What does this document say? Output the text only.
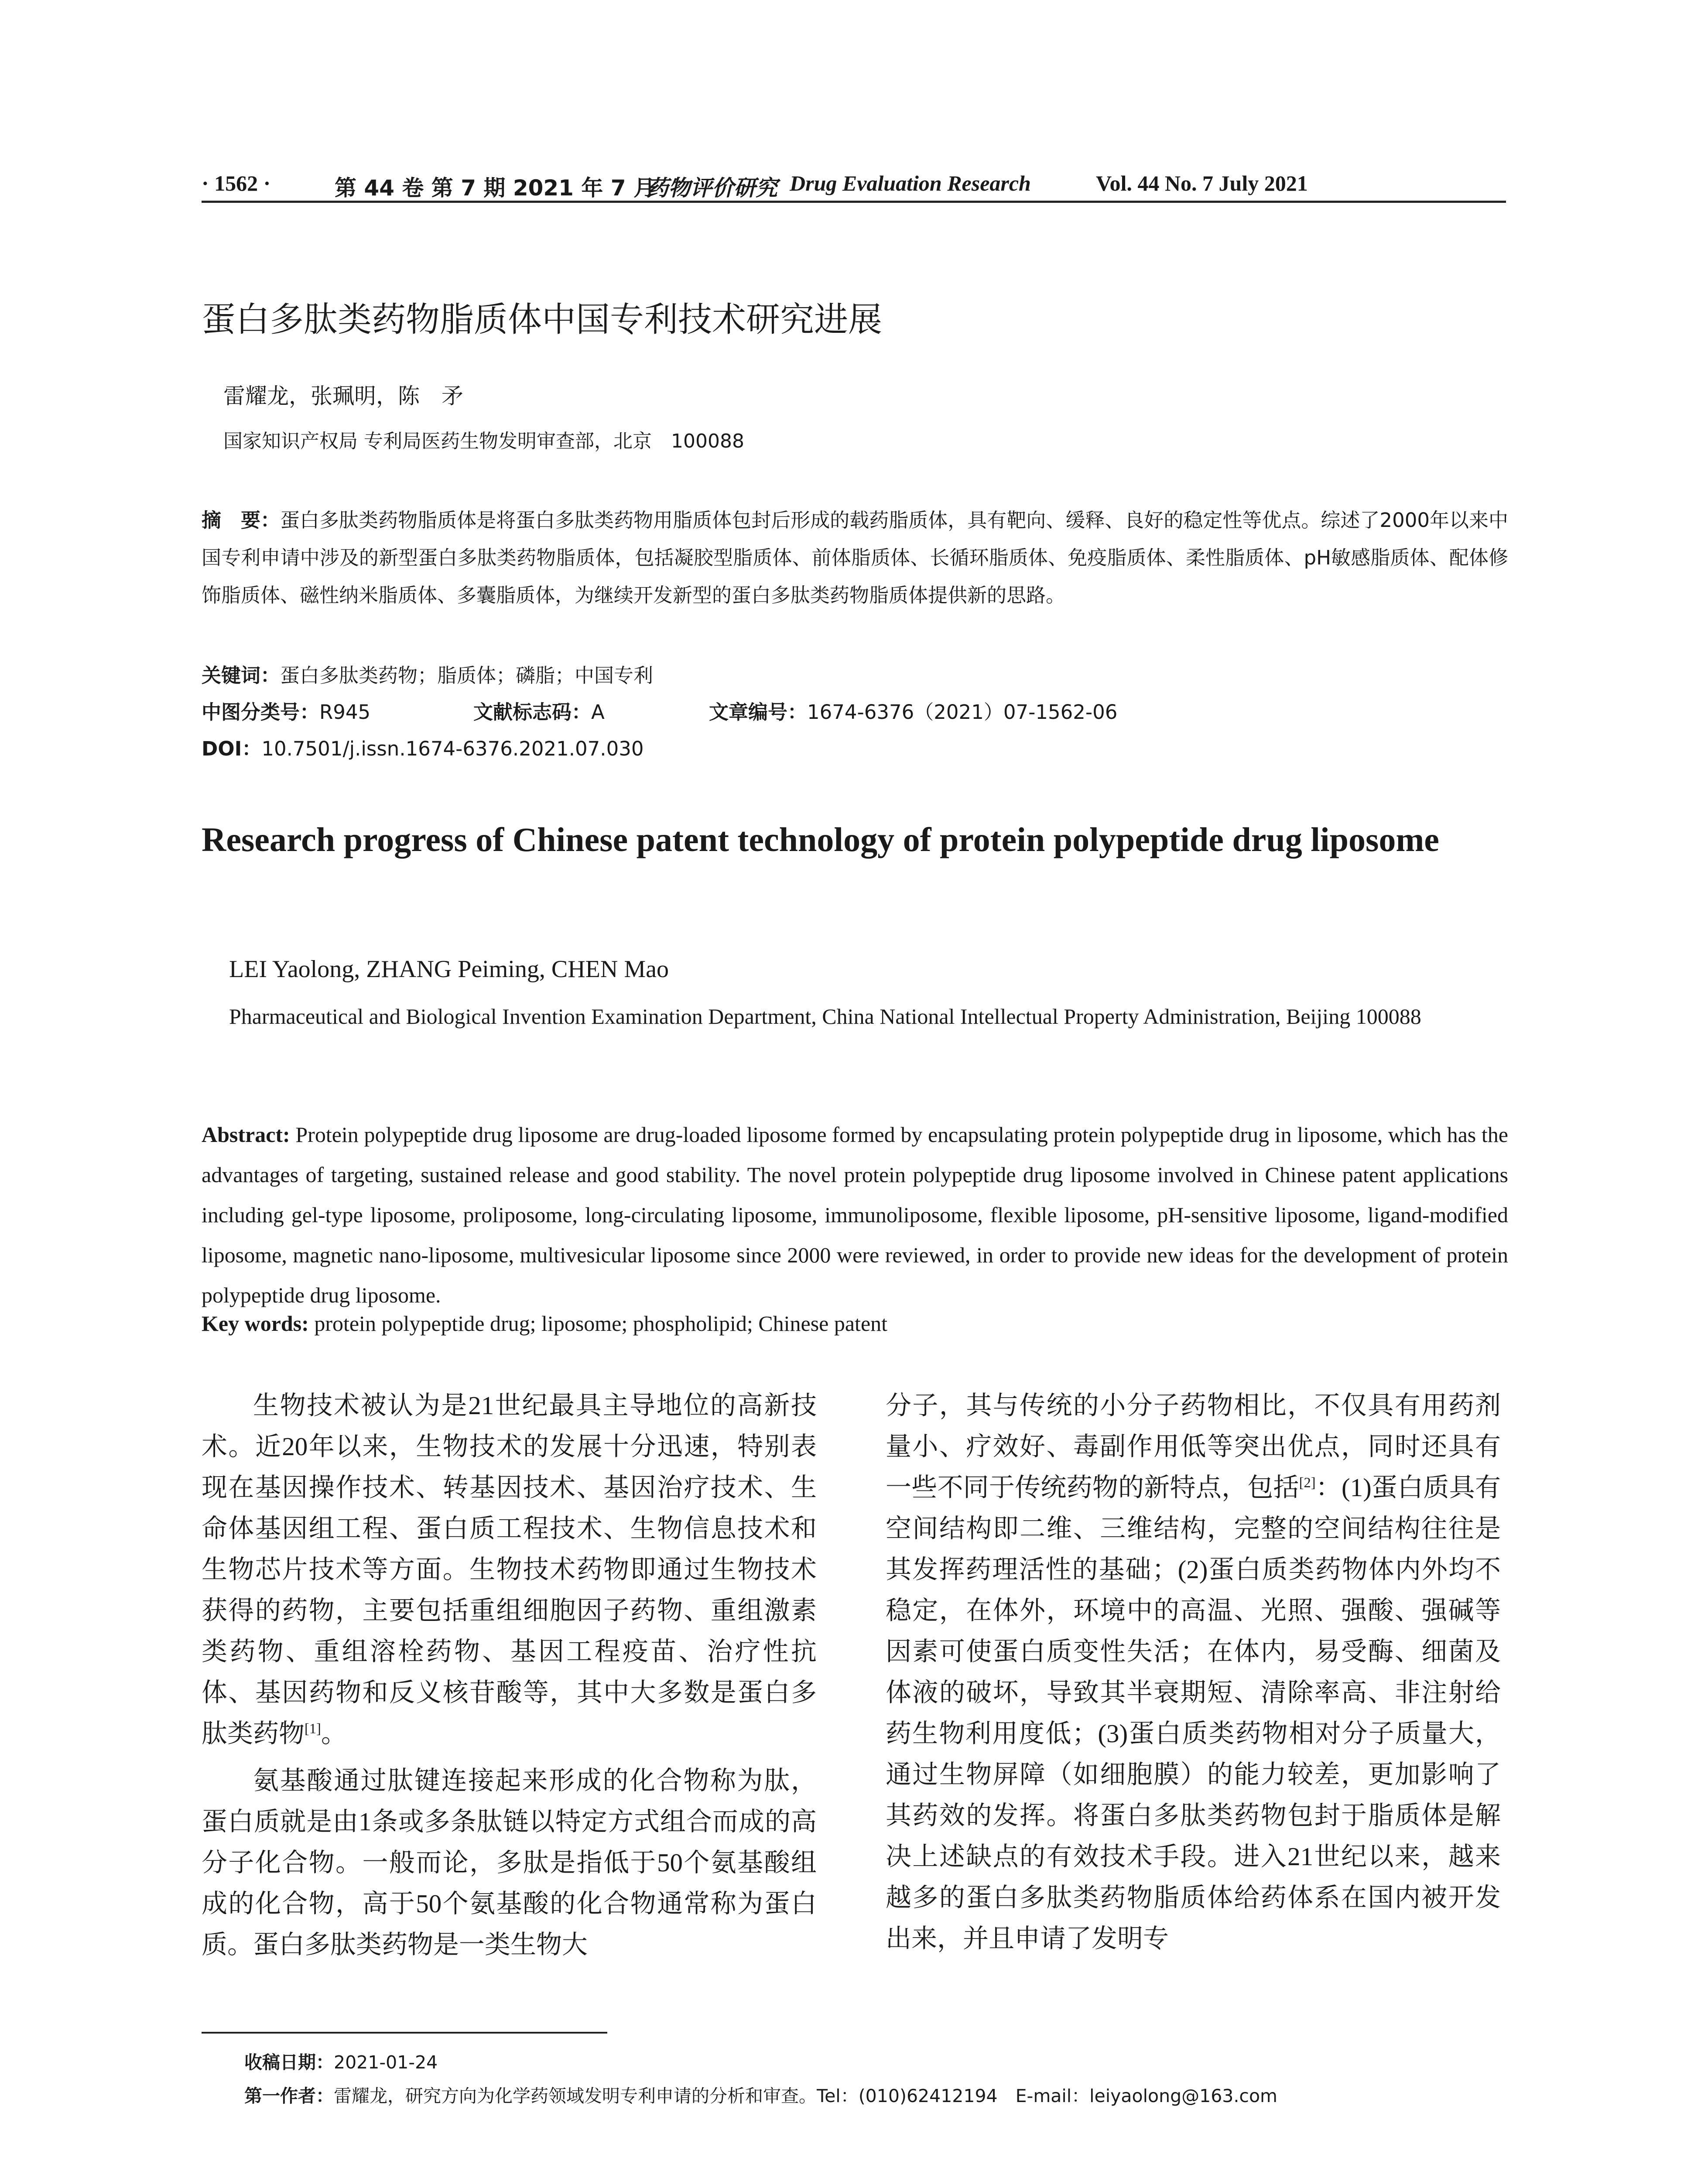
· 1562 ·	第 44 卷 第 7 期 2021 年 7 月
药物评价研究 Drug Evaluation Research	Vol. 44 No. 7 July 2021
蛋白多肽类药物脂质体中国专利技术研究进展
雷耀龙，张珮明，陈　矛
国家知识产权局 专利局医药生物发明审查部，北京　100088
摘　要：蛋白多肽类药物脂质体是将蛋白多肽类药物用脂质体包封后形成的载药脂质体，具有靶向、缓释、良好的稳定性等优点。综述了2000年以来中国专利申请中涉及的新型蛋白多肽类药物脂质体，包括凝胶型脂质体、前体脂质体、长循环脂质体、免疫脂质体、柔性脂质体、pH敏感脂质体、配体修饰脂质体、磁性纳米脂质体、多囊脂质体，为继续开发新型的蛋白多肽类药物脂质体提供新的思路。
关键词：蛋白多肽类药物；脂质体；磷脂；中国专利
中图分类号：R945	文献标志码：A	文章编号：1674-6376（2021）07-1562-06
DOI：10.7501/j.issn.1674-6376.2021.07.030
Research progress of Chinese patent technology of protein polypeptide drug liposome
LEI Yaolong, ZHANG Peiming, CHEN Mao
Pharmaceutical and Biological Invention Examination Department, China National Intellectual Property Administration, Beijing 100088
Abstract: Protein polypeptide drug liposome are drug-loaded liposome formed by encapsulating protein polypeptide drug in liposome, which has the advantages of targeting, sustained release and good stability. The novel protein polypeptide drug liposome involved in Chinese patent applications including gel-type liposome, proliposome, long-circulating liposome, immunoliposome, flexible liposome, pH-sensitive liposome, ligand-modified liposome, magnetic nano-liposome, multivesicular liposome since 2000 were reviewed, in order to provide new ideas for the development of protein polypeptide drug liposome.
Key words: protein polypeptide drug; liposome; phospholipid; Chinese patent

生物技术被认为是21世纪最具主导地位的高新技术。近20年以来，生物技术的发展十分迅速，特别表现在基因操作技术、转基因技术、基因治疗技术、生命体基因组工程、蛋白质工程技术、生物信息技术和生物芯片技术等方面。生物技术药物即通过生物技术获得的药物，主要包括重组细胞因子药物、重组激素类药物、重组溶栓药物、基因工程疫苗、治疗性抗体、基因药物和反义核苷酸等，其中大多数是蛋白多肽类药物[1]。

氨基酸通过肽键连接起来形成的化合物称为肽，蛋白质就是由1条或多条肽链以特定方式组合而成的高分子化合物。一般而论，多肽是指低于50个氨基酸组成的化合物，高于50个氨基酸的化合物通常称为蛋白质。蛋白多肽类药物是一类生物大

分子，其与传统的小分子药物相比，不仅具有用药剂量小、疗效好、毒副作用低等突出优点，同时还具有一些不同于传统药物的新特点，包括[2]：(1)蛋白质具有空间结构即二维、三维结构，完整的空间结构往往是其发挥药理活性的基础；(2)蛋白质类药物体内外均不稳定，在体外，环境中的高温、光照、强酸、强碱等因素可使蛋白质变性失活；在体内，易受酶、细菌及体液的破坏，导致其半衰期短、清除率高、非注射给药生物利用度低；(3)蛋白质类药物相对分子质量大，通过生物屏障（如细胞膜）的能力较差，更加影响了其药效的发挥。将蛋白多肽类药物包封于脂质体是解决上述缺点的有效技术手段。进入21世纪以来，越来越多的蛋白多肽类药物脂质体给药体系在国内被开发出来，并且申请了发明专

收稿日期：2021-01-24
第一作者：雷耀龙，研究方向为化学药领域发明专利申请的分析和审查。Tel：(010)62412194　E-mail：leiyaolong@163.com
